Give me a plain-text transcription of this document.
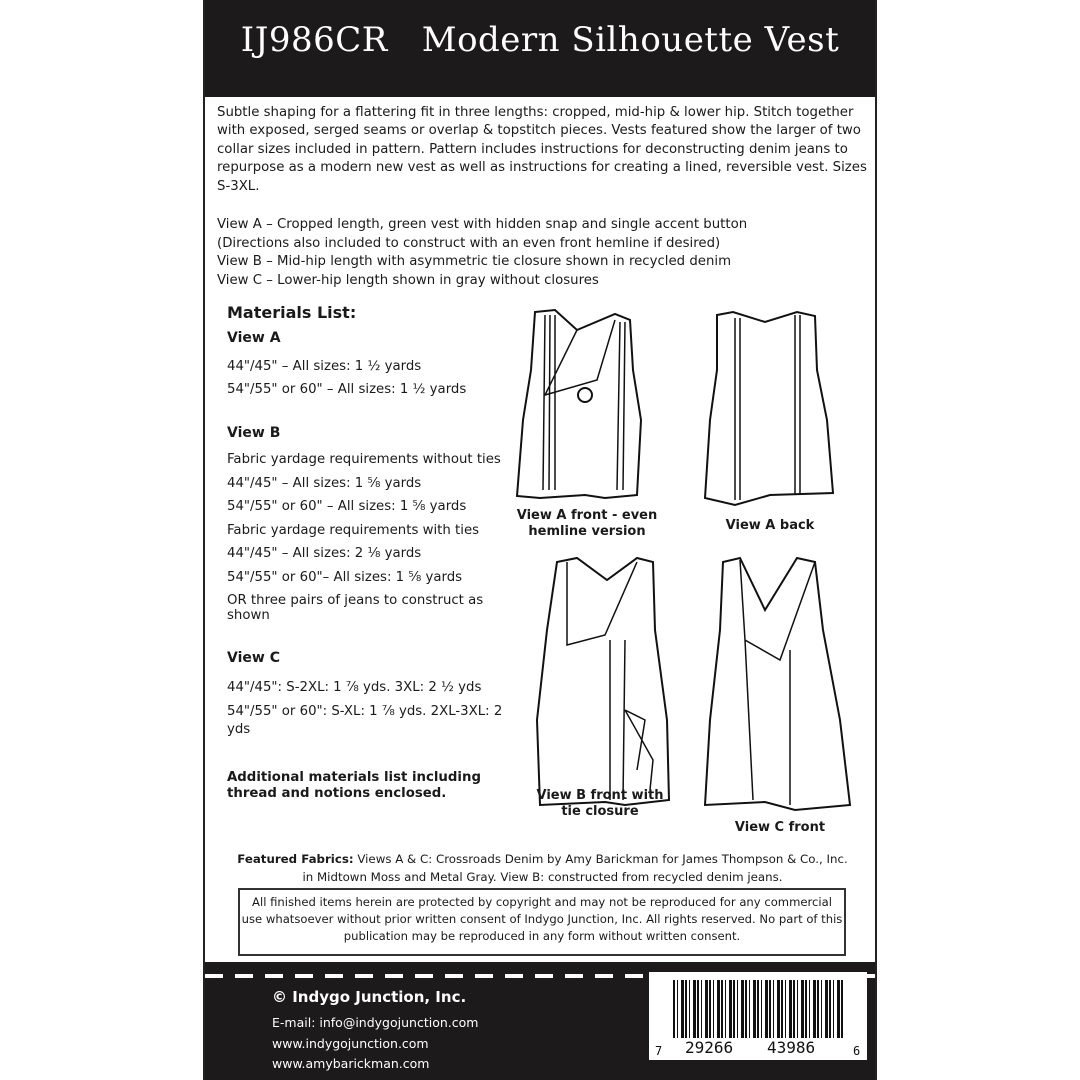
IJ986CR   Modern Silhouette Vest
Subtle shaping for a flattering fit in three lengths: cropped, mid-hip & lower hip. Stitch together with exposed, serged seams or overlap & topstitch pieces. Vests featured show the larger of two collar sizes included in pattern. Pattern includes instructions for deconstructing denim jeans to repurpose as a modern new vest as well as instructions for creating a lined, reversible vest. Sizes S-3XL.
View A – Cropped length, green vest with hidden snap and single accent button
(Directions also included to construct with an even front hemline if desired)
View B – Mid-hip length with asymmetric tie closure shown in recycled denim
View C – Lower-hip length shown in gray without closures
Materials List:
View A
44"/45" – All sizes: 1 ½ yards
54"/55" or 60" – All sizes: 1 ½ yards
View B
Fabric yardage requirements without ties
44"/45" – All sizes: 1 ⅝ yards
54"/55" or 60" – All sizes: 1 ⅝ yards
Fabric yardage requirements with ties
44"/45" – All sizes: 2 ⅛ yards
54"/55" or 60"– All sizes: 1 ⅝ yards
OR three pairs of jeans to construct as shown
View C
44"/45": S-2XL: 1 ⅞ yds. 3XL: 2 ½ yds
54"/55" or 60": S-XL: 1 ⅞ yds. 2XL-3XL: 2 yds
Additional materials list including thread and notions enclosed.
View A front - even hemline version	View A back
View B front with tie closure
View C front
Featured Fabrics: Views A & C: Crossroads Denim by Amy Barickman for James Thompson & Co., Inc. in Midtown Moss and Metal Gray. View B: constructed from recycled denim jeans.
All finished items herein are protected by copyright and may not be reproduced for any commercial use whatsoever without prior written consent of Indygo Junction, Inc. All rights reserved. No part of this publication may be reproduced in any form without written consent.
© Indygo Junction, Inc.
E-mail: info@indygojunction.com
www.indygojunction.com
www.amybarickman.com
7 29266 43986	6
